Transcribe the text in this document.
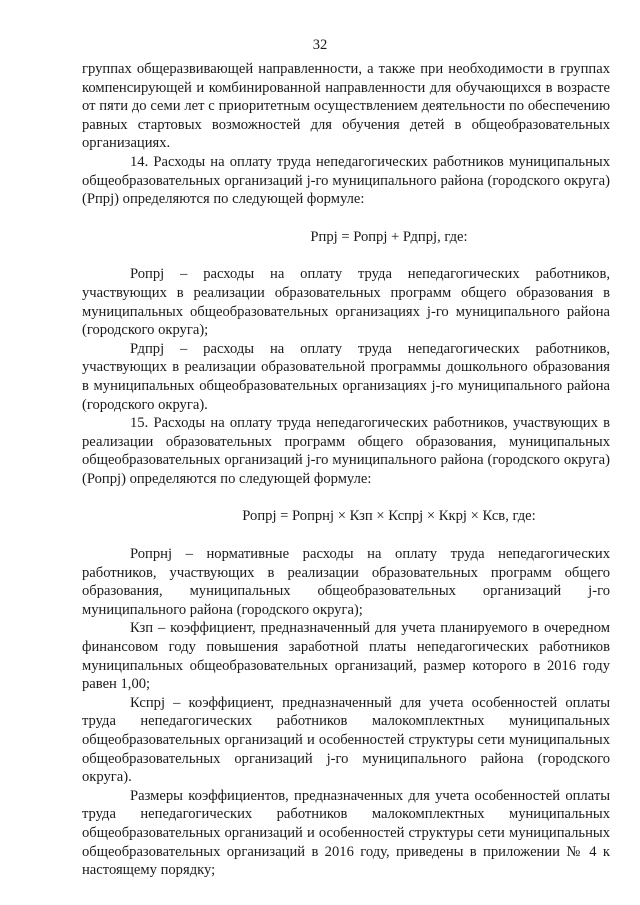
32

группах общеразвивающей направленности, а также при необходимости в группах компенсирующей и комбинированной направленности для обучающихся в возрасте от пяти до семи лет с приоритетным осуществлением деятельности по обеспечению равных стартовых возможностей для обучения детей в общеобразовательных организациях.

14. Расходы на оплату труда непедагогических работников муниципальных общеобразовательных организаций j-го муниципального района (городского округа) (Рпрj) определяются по следующей формуле:

Рпрj = Ропрj + Рдпрj, где:

Ропрj – расходы на оплату труда непедагогических работников, участвующих в реализации образовательных программ общего образования в муниципальных общеобразовательных организациях j-го муниципального района (городского округа);

Рдпрj – расходы на оплату труда непедагогических работников, участвующих в реализации образовательной программы дошкольного образования в муниципальных общеобразовательных организациях j-го муниципального района (городского округа).

15. Расходы на оплату труда непедагогических работников, участвующих в реализации образовательных программ общего образования, муниципальных общеобразовательных организаций j-го муниципального района (городского округа) (Ропрj) определяются по следующей формуле:

Ропрj = Ропрнj × Кзп × Кспрj × Ккрj × Ксв, где:

Ропрнj – нормативные расходы на оплату труда непедагогических работников, участвующих в реализации образовательных программ общего образования, муниципальных общеобразовательных организаций j-го муниципального района (городского округа);

Кзп – коэффициент, предназначенный для учета планируемого в очередном финансовом году повышения заработной платы непедагогических работников муниципальных общеобразовательных организаций, размер которого в 2016 году равен 1,00;

Кспрj – коэффициент, предназначенный для учета особенностей оплаты труда непедагогических работников малокомплектных муниципальных общеобразовательных организаций и особенностей структуры сети муниципальных общеобразовательных организаций j-го муниципального района (городского округа).

Размеры коэффициентов, предназначенных для учета особенностей оплаты труда непедагогических работников малокомплектных муниципальных общеобразовательных организаций и особенностей структуры сети муниципальных общеобразовательных организаций в 2016 году, приведены в приложении № 4 к настоящему порядку;
